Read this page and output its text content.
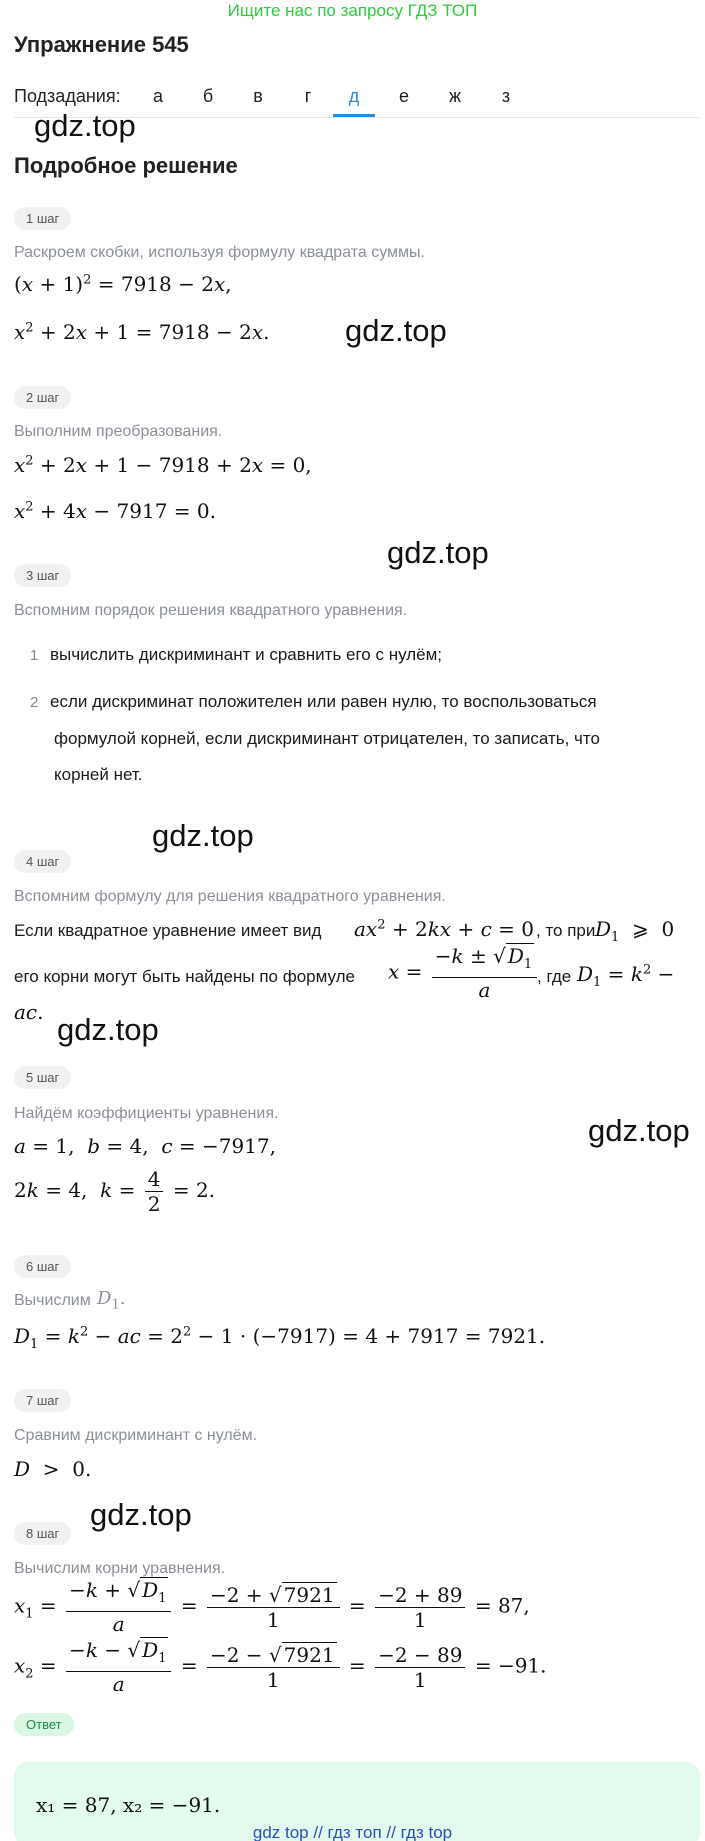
Ищите нас по запросу ГДЗ ТОП
Упражнение 545
Подзадания:	а	б	в	г	д	е	ж	з
gdz.top
gdz.top
gdz.top
gdz.top
gdz.top
gdz.top
gdz.top
Подробное решение
1 шаг
Раскроем скобки, используя формулу квадрата суммы.
$(x + 1)^2 = 7918 - 2x$,
$x^2 + 2x + 1 = 7918 - 2x$.
2 шаг
Выполним преобразования.
$x^2 + 2x + 1 - 7918 + 2x = 0$,
$x^2 + 4x - 7917 = 0$.
3 шаг
Вспомним порядок решения квадратного уравнения.
1 вычислить дискриминант и сравнить его с нулём;
2 если дискриминат положителен или равен нулю, то воспользоваться
формулой корней, если дискриминант отрицателен, то записать, что
корней нет.
4 шаг
Вспомним формулу для решения квадратного уравнения.
Если квадратное уравнение имеет вид $ax^2 + 2kx + c = 0$ , то при $D_1$  ⩾  0
его корни могут быть найдены по формуле $x = \frac{-k \pm √ D_1}{a}$ , где $D_1 = k^2$ −
ac.
5 шаг
Найдём коэффициенты уравнения.
a = 1,  b = 4,  c = −7917,
2k = 4,  $k = \frac{4}{2} = 2$.
6 шаг
Вычислим $D_1$.
$D_1 = k^2$ − ac = $2^2 - 1 \cdot (-7917) = 4 + 7917 = 7921$.
7 шаг
Сравним дискриминант с нулём.
D  >  0.
8 шаг
Вычислим корни уравнения.
$x_1 = \frac{-k + √ D_1}{a} = \frac{-2 + √ 7921}{1} = \frac{-2 + 89}{1} = 87$,
$x_2 = \frac{-k - √ D_1}{a} = \frac{-2 - √ 7921}{1} = \frac{-2 - 89}{1} = -91$.
Ответ
x₁ = 87, x₂ = −91.
gdz top // гдз топ // гдз top
